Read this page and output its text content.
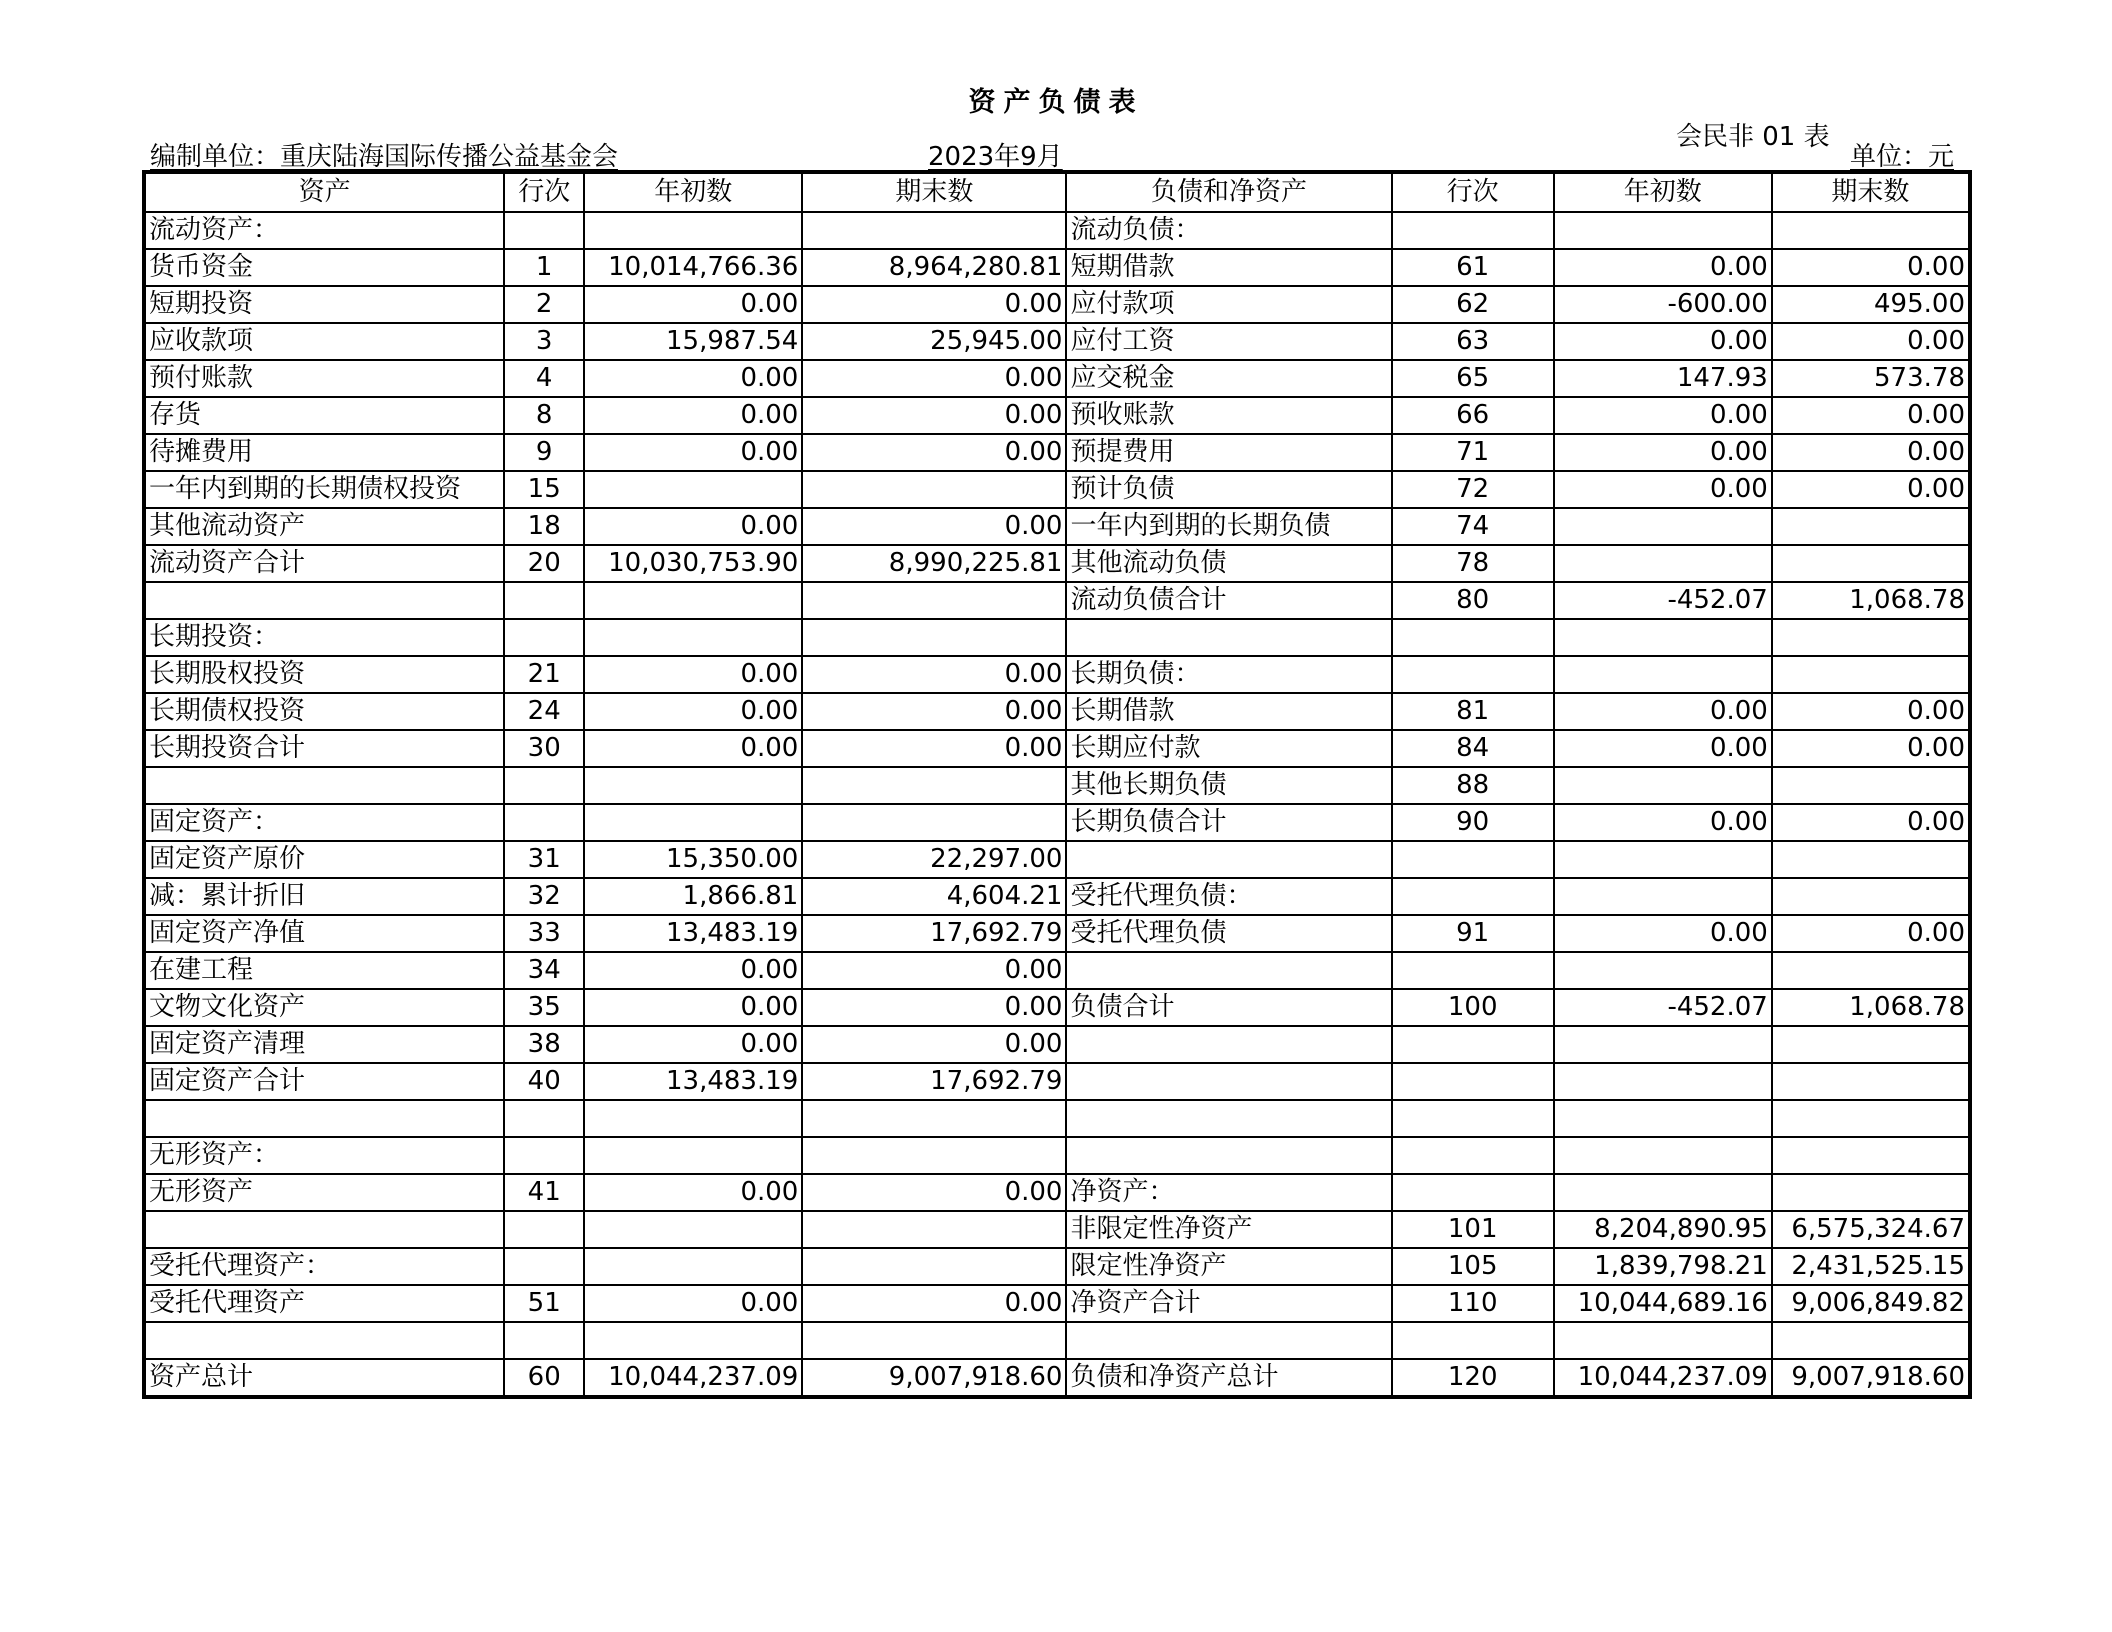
资产负债表
会民非 01 表
编制单位：重庆陆海国际传播公益基金会	2023年9月	单位：元
资产	行次	年初数	期末数	负债和净资产	行次	年初数	期末数
流动资产：				流动负债：			
货币资金	1	10,014,766.36	8,964,280.81	短期借款	61	0.00	0.00
短期投资	2	0.00	0.00	应付款项	62	-600.00	495.00
应收款项	3	15,987.54	25,945.00	应付工资	63	0.00	0.00
预付账款	4	0.00	0.00	应交税金	65	147.93	573.78
存货	8	0.00	0.00	预收账款	66	0.00	0.00
待摊费用	9	0.00	0.00	预提费用	71	0.00	0.00
一年内到期的长期债权投资	15			预计负债	72	0.00	0.00
其他流动资产	18	0.00	0.00	一年内到期的长期负债	74		
流动资产合计	20	10,030,753.90	8,990,225.81	其他流动负债	78		
				流动负债合计	80	-452.07	1,068.78
长期投资：							
长期股权投资	21	0.00	0.00	长期负债：			
长期债权投资	24	0.00	0.00	长期借款	81	0.00	0.00
长期投资合计	30	0.00	0.00	长期应付款	84	0.00	0.00
				其他长期负债	88		
固定资产：				长期负债合计	90	0.00	0.00
固定资产原价	31	15,350.00	22,297.00				
减：累计折旧	32	1,866.81	4,604.21	受托代理负债：			
固定资产净值	33	13,483.19	17,692.79	受托代理负债	91	0.00	0.00
在建工程	34	0.00	0.00				
文物文化资产	35	0.00	0.00	负债合计	100	-452.07	1,068.78
固定资产清理	38	0.00	0.00				
固定资产合计	40	13,483.19	17,692.79				

无形资产：							
无形资产	41	0.00	0.00	净资产：			
				非限定性净资产	101	8,204,890.95	6,575,324.67
受托代理资产：				限定性净资产	105	1,839,798.21	2,431,525.15
受托代理资产	51	0.00	0.00	净资产合计	110	10,044,689.16	9,006,849.82

资产总计	60	10,044,237.09	9,007,918.60	负债和净资产总计	120	10,044,237.09	9,007,918.60
